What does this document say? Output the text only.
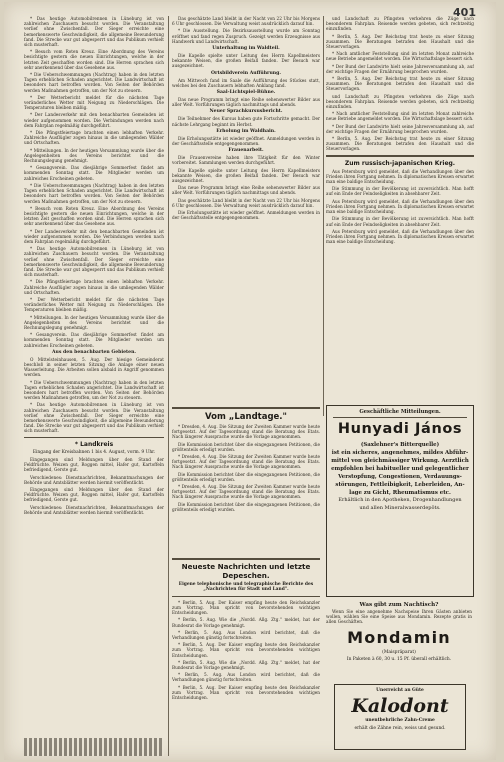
401

* Das heutige Automobilrennen in Lüneburg ist von zahlreichen Zuschauern besucht worden. Die Veranstaltung verlief ohne Zwischenfall. Der Sieger erreichte eine bemerkenswerte Geschwindigkeit, die allgemeine Bewunderung fand. Die Strecke war gut abgesperrt und das Publikum verhielt sich musterhaft.

* Besuch vom Roten Kreuz. Eine Abordnung des Vereins besichtigte gestern die neuen Einrichtungen, welche in der letzten Zeit geschaffen worden sind. Die Herren sprachen sich sehr anerkennend über das Gesehene aus.

* Die Ueberschwemmungen (Nachtrag) haben in den letzten Tagen erheblichen Schaden angerichtet. Die Landwirtschaft ist besonders hart betroffen worden. Von Seiten der Behörden werden Maßnahmen getroffen, um der Not zu steuern.

* Der Wetterbericht meldet für die nächsten Tage veränderliches Wetter mit Neigung zu Niederschlägen. Die Temperaturen bleiben mäßig.

* Der Landesverkehr mit den benachbarten Gemeinden ist wieder aufgenommen worden. Die Verbindungen werden nach dem Fahrplan regelmäßig durchgeführt.

* Die Pfingstfeiertage brachten einen lebhaften Verkehr. Zahlreiche Ausflügler zogen hinaus in die umliegenden Wälder und Ortschaften.

* Mitteilungen. In der heutigen Versammlung wurde über die Angelegenheiten des Vereins berichtet und die Rechnungslegung genehmigt.

* Gesangverein. Das diesjährige Sommerfest findet am kommenden Sonntag statt. Die Mitglieder werden um zahlreiches Erscheinen gebeten.

* Die Ueberschwemmungen (Nachtrag) haben in den letzten Tagen erheblichen Schaden angerichtet. Die Landwirtschaft ist besonders hart betroffen worden. Von Seiten der Behörden werden Maßnahmen getroffen, um der Not zu steuern.

* Besuch vom Roten Kreuz. Eine Abordnung des Vereins besichtigte gestern die neuen Einrichtungen, welche in der letzten Zeit geschaffen worden sind. Die Herren sprachen sich sehr anerkennend über das Gesehene aus.

* Der Landesverkehr mit den benachbarten Gemeinden ist wieder aufgenommen worden. Die Verbindungen werden nach dem Fahrplan regelmäßig durchgeführt.

* Das heutige Automobilrennen in Lüneburg ist von zahlreichen Zuschauern besucht worden. Die Veranstaltung verlief ohne Zwischenfall. Der Sieger erreichte eine bemerkenswerte Geschwindigkeit, die allgemeine Bewunderung fand. Die Strecke war gut abgesperrt und das Publikum verhielt sich musterhaft.

* Die Pfingstfeiertage brachten einen lebhaften Verkehr. Zahlreiche Ausflügler zogen hinaus in die umliegenden Wälder und Ortschaften.

* Der Wetterbericht meldet für die nächsten Tage veränderliches Wetter mit Neigung zu Niederschlägen. Die Temperaturen bleiben mäßig.

* Mitteilungen. In der heutigen Versammlung wurde über die Angelegenheiten des Vereins berichtet und die Rechnungslegung genehmigt.

* Gesangverein. Das diesjährige Sommerfest findet am kommenden Sonntag statt. Die Mitglieder werden um zahlreiches Erscheinen gebeten.

Aus den benachbarten Gebieten.

O Mittelsteinhausen, 5. Aug. Der hiesige Gemeinderat beschloß in seiner letzten Sitzung die Anlage einer neuen Wasserleitung. Die Arbeiten sollen alsbald in Angriff genommen werden.

* Die Ueberschwemmungen (Nachtrag) haben in den letzten Tagen erheblichen Schaden angerichtet. Die Landwirtschaft ist besonders hart betroffen worden. Von Seiten der Behörden werden Maßnahmen getroffen, um der Not zu steuern.

* Das heutige Automobilrennen in Lüneburg ist von zahlreichen Zuschauern besucht worden. Die Veranstaltung verlief ohne Zwischenfall. Der Sieger erreichte eine bemerkenswerte Geschwindigkeit, die allgemeine Bewunderung fand. Die Strecke war gut abgesperrt und das Publikum verhielt sich musterhaft.

* Landkreis
Eingang der Kreisbahnen 1 bis 4. August, vorm. 9 Uhr.

Eingegangen sind Meldungen über den Stand der Feldfrüchte. Weizen gut, Roggen mittel, Hafer gut, Kartoffeln befriedigend, Gerste gut.

Verschiedenes: Dienstnachrichten, Bekanntmachungen der Behörde und Amtsblätter werden hiermit veröffentlicht.

Eingegangen sind Meldungen über den Stand der Feldfrüchte. Weizen gut, Roggen mittel, Hafer gut, Kartoffeln befriedigend, Gerste gut.

Verschiedenes: Dienstnachrichten, Bekanntmachungen der Behörde und Amtsblätter werden hiermit veröffentlicht.

Das geschätzte Land bleibt in der Nacht von 22 Uhr bis Morgens 6 Uhr geschlossen. Die Verwaltung weist ausdrücklich darauf hin.

* Die Ausstellung. Die Bezirksausstellung wurde am Sonntag eröffnet und fand regen Zuspruch. Gezeigt werden Erzeugnisse aus Handwerk und Landwirtschaft.

Unterhaltung im Waldteil.

Die Kapelle spielte unter Leitung des Herrn Kapellmeisters bekannte Weisen, die großen Beifall fanden. Der Besuch war ausgezeichnet.

Ortsbildverein Aufführung.

Am Mittwoch fand im Saale die Aufführung des Stückes statt, welches bei den Zuschauern lebhaften Anklang fand.

Saal-Lichtspiel-Bühne.

Das neue Programm bringt eine Reihe sehenswerter Bilder aus aller Welt. Vorführungen täglich nachmittags und abends.

Neuer Sprachkursusbericht.

Die Teilnehmer des Kursus haben gute Fortschritte gemacht. Der nächste Lehrgang beginnt im Herbst.

Erholung im Waldhain.

Die Erholungsstätte ist wieder geöffnet. Anmeldungen werden in der Geschäftsstelle entgegengenommen.

Frauenarbeit.

Die Frauenvereine haben ihre Tätigkeit für den Winter vorbereitet. Sammlungen werden durchgeführt.

Die Kapelle spielte unter Leitung des Herrn Kapellmeisters bekannte Weisen, die großen Beifall fanden. Der Besuch war ausgezeichnet.

Das neue Programm bringt eine Reihe sehenswerter Bilder aus aller Welt. Vorführungen täglich nachmittags und abends.

Das geschätzte Land bleibt in der Nacht von 22 Uhr bis Morgens 6 Uhr geschlossen. Die Verwaltung weist ausdrücklich darauf hin.

Die Erholungsstätte ist wieder geöffnet. Anmeldungen werden in der Geschäftsstelle entgegengenommen.

und Landschaft zu Pfingsten verkehren die Züge nach besonderem Fahrplan. Reisende werden gebeten, sich rechtzeitig einzufinden.

* Berlin, 5. Aug. Der Reichstag trat heute zu einer Sitzung zusammen. Die Beratungen betrafen den Haushalt und die Steuervorlagen.

* Nach amtlicher Feststellung sind im letzten Monat zahlreiche neue Betriebe angemeldet worden. Die Wirtschaftslage bessert sich.

* Der Bund der Landwirte hielt seine Jahresversammlung ab, auf der wichtige Fragen der Ernährung besprochen wurden.

* Berlin, 5. Aug. Der Reichstag trat heute zu einer Sitzung zusammen. Die Beratungen betrafen den Haushalt und die Steuervorlagen.

und Landschaft zu Pfingsten verkehren die Züge nach besonderem Fahrplan. Reisende werden gebeten, sich rechtzeitig einzufinden.

* Nach amtlicher Feststellung sind im letzten Monat zahlreiche neue Betriebe angemeldet worden. Die Wirtschaftslage bessert sich.

* Der Bund der Landwirte hielt seine Jahresversammlung ab, auf der wichtige Fragen der Ernährung besprochen wurden.

* Berlin, 5. Aug. Der Reichstag trat heute zu einer Sitzung zusammen. Die Beratungen betrafen den Haushalt und die Steuervorlagen.

Zum russisch-japanischen Krieg.

Aus Petersburg wird gemeldet, daß die Verhandlungen über den Frieden ihren Fortgang nehmen. In diplomatischen Kreisen erwartet man eine baldige Entscheidung.

Die Stimmung in der Bevölkerung ist zuversichtlich. Man hofft auf ein Ende der Feindseligkeiten in absehbarer Zeit.

Aus Petersburg wird gemeldet, daß die Verhandlungen über den Frieden ihren Fortgang nehmen. In diplomatischen Kreisen erwartet man eine baldige Entscheidung.

Die Stimmung in der Bevölkerung ist zuversichtlich. Man hofft auf ein Ende der Feindseligkeiten in absehbarer Zeit.

Aus Petersburg wird gemeldet, daß die Verhandlungen über den Frieden ihren Fortgang nehmen. In diplomatischen Kreisen erwartet man eine baldige Entscheidung.

Vom „Landtage."

* Dresden, 4. Aug. Die Sitzung der Zweiten Kammer wurde heute fortgesetzt. Auf der Tagesordnung stand die Beratung des Etats. Nach längerer Aussprache wurde die Vorlage angenommen.

Die Kommission berichtet über die eingegangenen Petitionen, die größtenteils erledigt wurden.

* Dresden, 4. Aug. Die Sitzung der Zweiten Kammer wurde heute fortgesetzt. Auf der Tagesordnung stand die Beratung des Etats. Nach längerer Aussprache wurde die Vorlage angenommen.

Die Kommission berichtet über die eingegangenen Petitionen, die größtenteils erledigt wurden.

* Dresden, 4. Aug. Die Sitzung der Zweiten Kammer wurde heute fortgesetzt. Auf der Tagesordnung stand die Beratung des Etats. Nach längerer Aussprache wurde die Vorlage angenommen.

Die Kommission berichtet über die eingegangenen Petitionen, die größtenteils erledigt wurden.

Neueste Nachrichten und letzte Depeschen.
Eigene telephonische und telegraphische Berichte des „Nachrichten für Stadt und Land".

* Berlin, 5. Aug. Der Kaiser empfing heute den Reichskanzler zum Vortrag. Man spricht von bevorstehenden wichtigen Entscheidungen.

* Berlin, 5. Aug. Wie die „Nordd. Allg. Ztg." meldet, hat der Bundesrat die Vorlage genehmigt.

* Berlin, 5. Aug. Aus London wird berichtet, daß die Verhandlungen günstig fortschreiten.

* Berlin, 5. Aug. Der Kaiser empfing heute den Reichskanzler zum Vortrag. Man spricht von bevorstehenden wichtigen Entscheidungen.

* Berlin, 5. Aug. Wie die „Nordd. Allg. Ztg." meldet, hat der Bundesrat die Vorlage genehmigt.

* Berlin, 5. Aug. Aus London wird berichtet, daß die Verhandlungen günstig fortschreiten.

* Berlin, 5. Aug. Der Kaiser empfing heute den Reichskanzler zum Vortrag. Man spricht von bevorstehenden wichtigen Entscheidungen.

Geschäftliche Mitteilungen.
Hunyadi János
(Saxlehner's Bitterquelle)
ist ein sicheres, angenehmes, mildes Abführ-
mittel von gleichmässiger Wirkung. Aerztlich
empfohlen bei habitueller und gelegentlicher
Verstopfung, Congestionen, Verdauungs-
störungen, Fettleibigkeit, Leberleiden, An-
lage zu Gicht, Rheumatismus etc.
Erhältlich in den Apotheken, Drogenhandlungen
und allen Mineralwasserdepôts.
Was gibt zum Nachtisch?

Wenn Sie eine angenehme Nachspeise Ihren Gästen anbieten wollen, wählen Sie eine Speise aus Mondamin. Rezepte gratis in allen Geschäften.

Mondamin
(Maispräparat)
In Paketen à 60, 30 u. 15 Pf. überall erhältlich.
Unerreicht an Güte
Kalodont
unentbehrliche Zahn-Creme
erhält die Zähne rein, weiss und gesund.
